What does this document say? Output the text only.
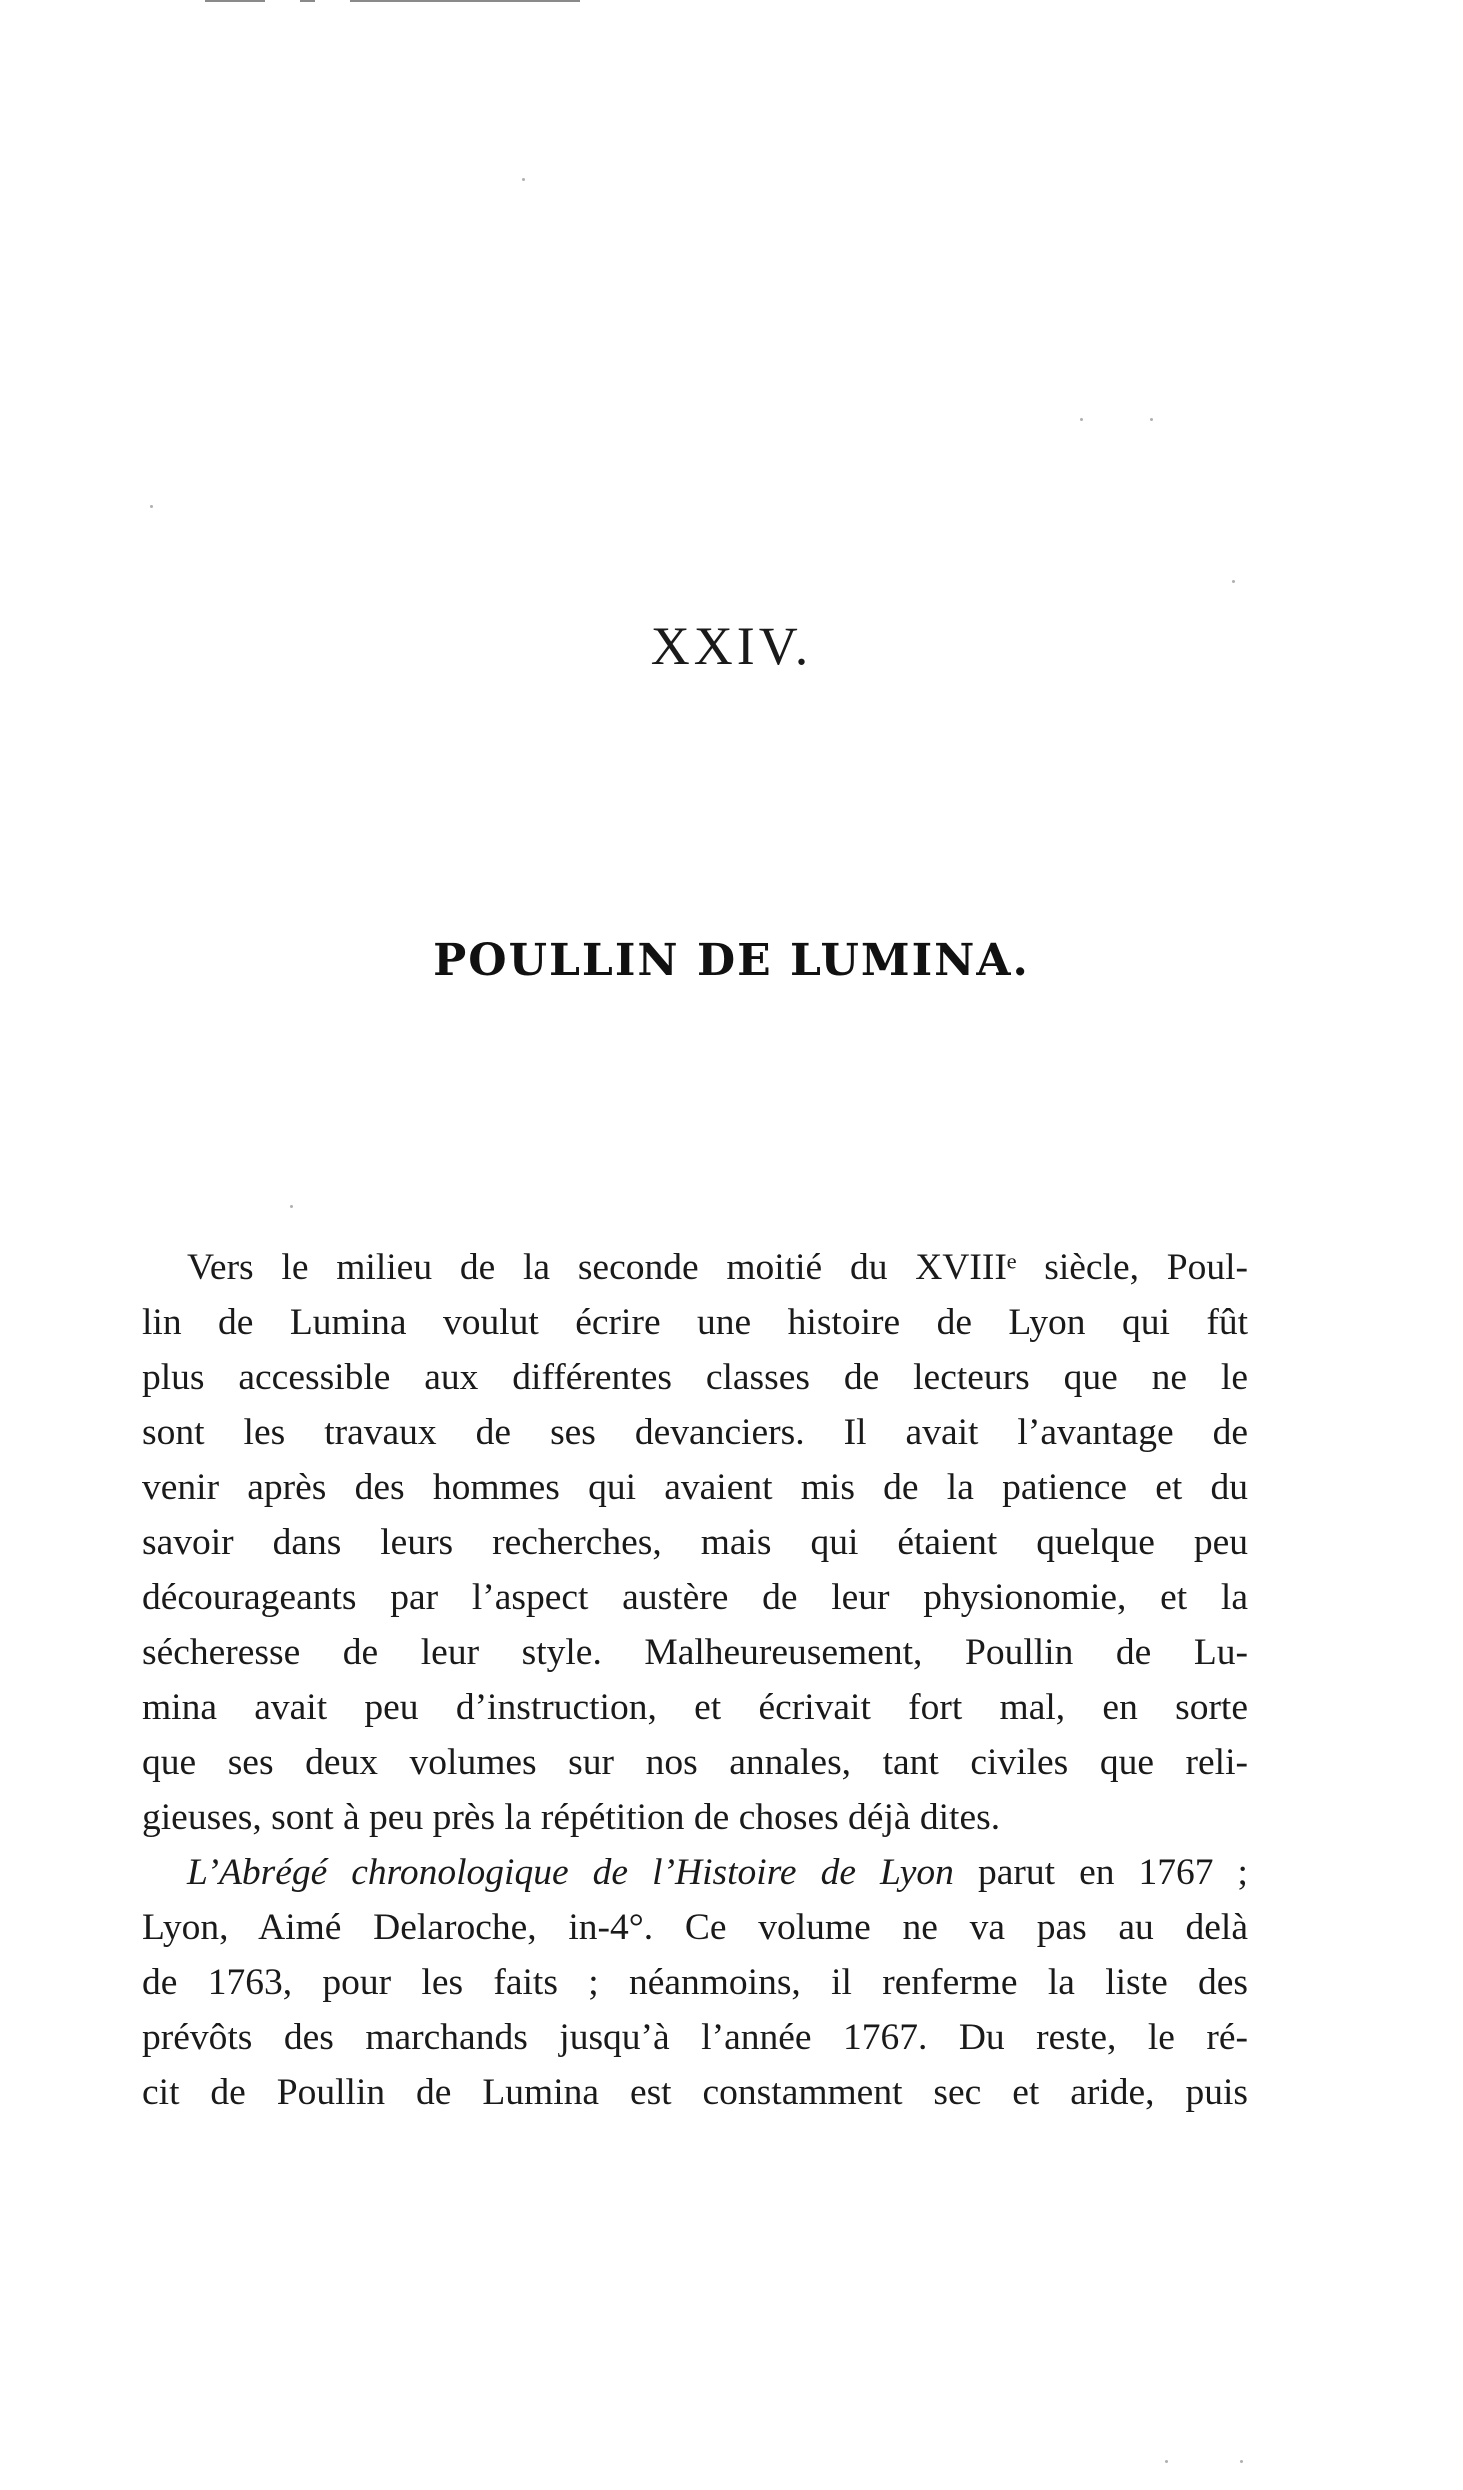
XXIV.
POULLIN DE LUMINA.
Vers le milieu de la seconde moitié du XVIIIᵉ siècle, Poul-
lin de Lumina voulut écrire une histoire de Lyon qui fût
plus accessible aux différentes classes de lecteurs que ne le
sont les travaux de ses devanciers. Il avait l’avantage de
venir après des hommes qui avaient mis de la patience et du
savoir dans leurs recherches, mais qui étaient quelque peu
décourageants par l’aspect austère de leur physionomie, et la
sécheresse de leur style. Malheureusement, Poullin de Lu-
mina avait peu d’instruction, et écrivait fort mal, en sorte
que ses deux volumes sur nos annales, tant civiles que reli-
gieuses, sont à peu près la répétition de choses déjà dites.
L’Abrégé chronologique de l’Histoire de Lyon parut en 1767 ;
Lyon, Aimé Delaroche, in-4°. Ce volume ne va pas au delà
de 1763, pour les faits ; néanmoins, il renferme la liste des
prévôts des marchands jusqu’à l’année 1767. Du reste, le ré-
cit de Poullin de Lumina est constamment sec et aride, puis
